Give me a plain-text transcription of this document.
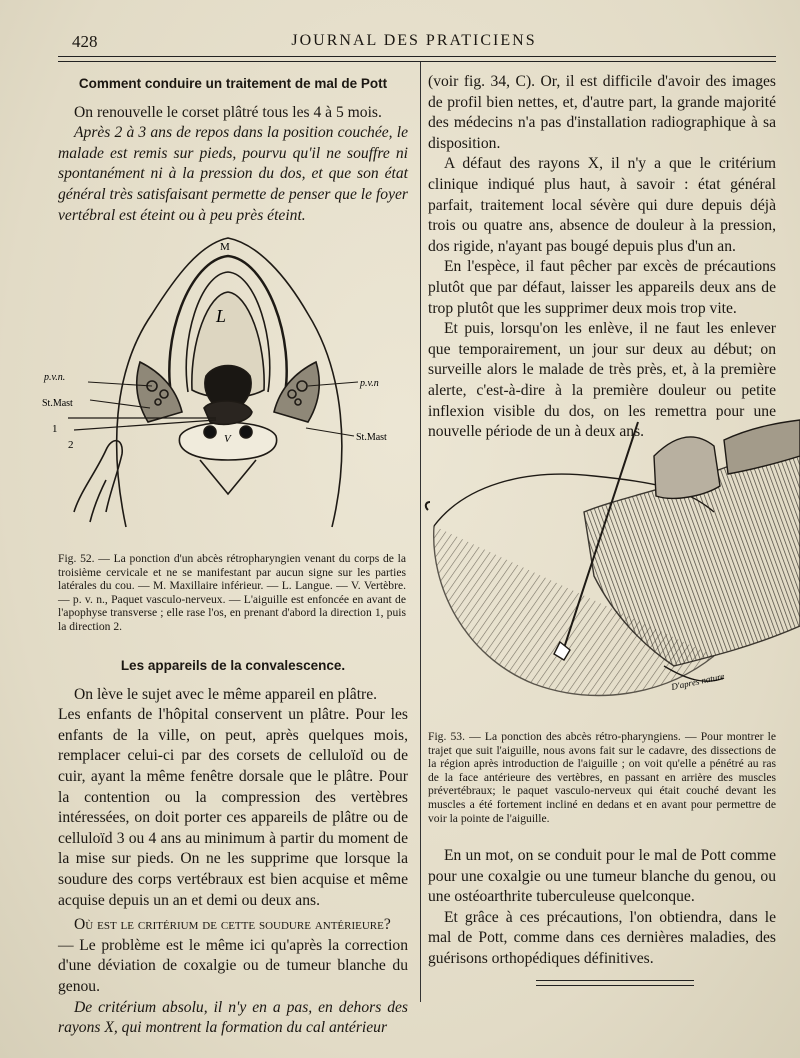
428	JOURNAL DES PRATICIENS
Comment conduire un traitement de mal de Pott

On renouvelle le corset plâtré tous les 4 à 5 mois.

Après 2 à 3 ans de repos dans la position couchée, le malade est remis sur pieds, pourvu qu'il ne souffre ni spontanément ni à la pression du dos, et que son état général très satisfaisant permette de penser que le foyer vertébral est éteint ou à peu près éteint.

M
L
p.v.n.
p.v.n
St.Mast
St.Mast
V
1
2

Fig. 52. — La ponction d'un abcès rétropharyngien venant du corps de la troisième cervicale et ne se manifestant par aucun signe sur les parties latérales du cou. — M. Maxillaire inférieur. — L. Langue. — V. Vertèbre. — p. v. n., Paquet vasculo-nerveux. — L'aiguille est enfoncée en avant de l'apophyse transverse ; elle rase l'os, en prenant d'abord la direction 1, puis la direction 2.

Les appareils de la convalescence.

On lève le sujet avec le même appareil en plâtre.

Les enfants de l'hôpital conservent un plâtre. Pour les enfants de la ville, on peut, après quelques mois, remplacer celui-ci par des corsets de celluloïd ou de cuir, ayant la même fenêtre dorsale que le plâtre. Pour la contention ou la compression des vertèbres intéressées, on doit porter ces appareils de plâtre ou de celluloïd 3 ou 4 ans au minimum à partir du moment de la mise sur pieds. On ne les supprime que lorsque la soudure des corps vertébraux est bien acquise et même acquise depuis un an et demi ou deux ans.

Où est le critérium de cette soudure antérieure?

— Le problème est le même ici qu'après la correction d'une déviation de coxalgie ou de tumeur blanche du genou.

De critérium absolu, il n'y en a pas, en dehors des rayons X, qui montrent la formation du cal antérieur

(voir fig. 34, C). Or, il est difficile d'avoir des images de profil bien nettes, et, d'autre part, la grande majorité des médecins n'a pas d'installation radiographique à sa disposition.

A défaut des rayons X, il n'y a que le critérium clinique indiqué plus haut, à savoir : état général parfait, traitement local sévère qui dure depuis déjà trois ou quatre ans, absence de douleur à la pression, dos rigide, n'ayant pas bougé depuis plus d'un an.

En l'espèce, il faut pêcher par excès de précautions plutôt que par défaut, laisser les appareils deux ans de trop plutôt que les supprimer deux mois trop vite.

Et puis, lorsqu'on les enlève, il ne faut les enlever que temporairement, un jour sur deux au début; on surveille alors le malade de très près, et, à la première alerte, c'est-à-dire à la première douleur ou petite inflexion visible du dos, on les remettra pour une nouvelle période de un à deux ans.

D'après nature

Fig. 53. — La ponction des abcès rétro-pharyngiens. — Pour montrer le trajet que suit l'aiguille, nous avons fait sur le cadavre, des dissections de la région après introduction de l'aiguille ; on voit qu'elle a pénétré au ras de la face antérieure des vertèbres, en passant en arrière des muscles prévertébraux; le paquet vasculo-nerveux qui était couché devant les muscles a été fortement incliné en dedans et en avant pour permettre de voir la pointe de l'aiguille.

En un mot, on se conduit pour le mal de Pott comme pour une coxalgie ou une tumeur blanche du genou, ou une ostéoarthrite tuberculeuse quelconque.

Et grâce à ces précautions, l'on obtiendra, dans le mal de Pott, comme dans ces dernières maladies, des guérisons orthopédiques définitives.
